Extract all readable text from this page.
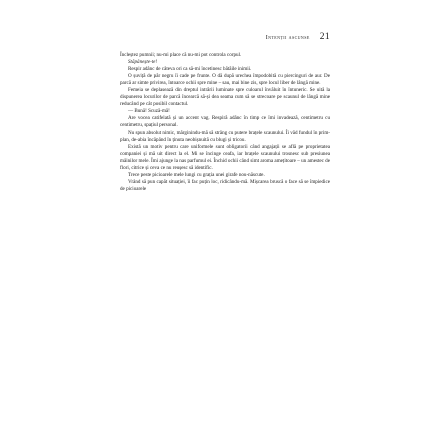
Intenții ascunse 21

Încleștez pumnii; nu-mi place că nu-mi pot controla corpul.

Stăpânește-te!

Respir adânc de câteva ori ca să-mi încetinesc bătăile inimii.

O șuviță de păr negru îi cade pe frunte. O dă după urechea împodobită cu piercinguri de aur. De parcă ar simte privirea, întoarce ochii spre mine – sau, mai bine zis, spre locul liber de lângă mine.

Femeia se deplasează din dreptul intrării luminate spre culoarul învăluit în întuneric. Se uită la dispunerea locurilor de parcă încearcă să-și dea seama cum să se strecoare pe scaunul de lângă mine reducând pe cât posibil contactul.

— Bună! Scuză-mă!

Are vocea catifelată și un accent vag. Respiră adânc în timp ce îmi invadează, centimetru cu centimetru, spațiul personal.

Nu spun absolut nimic, mărginindu-mă să strâng cu putere brațele scaunului. Îi văd fundul în prim-plan, de-abia încăpând în ținuta neobișnuită cu blugi și tricou.

Există un motiv pentru care uniformele sunt obligatorii când angajații se află pe proprietatea companiei și mă uit direct la el. Mi se încinge ceafa, iar brațele scaunului trosnesc sub presiunea mâinilor mele. Îmi ajunge la nas parfumul ei. Închid ochii când simt aroma amețitoare – un amestec de flori, citrice și ceva ce nu reușesc să identific.

Trece peste picioarele mele lungi cu grația unei girafe nou-născute.

Vrând să pun capăt situației, îi fac puțin loc, ridicându-mă. Mișcarea bruscă o face să se împiedice de picioarele
